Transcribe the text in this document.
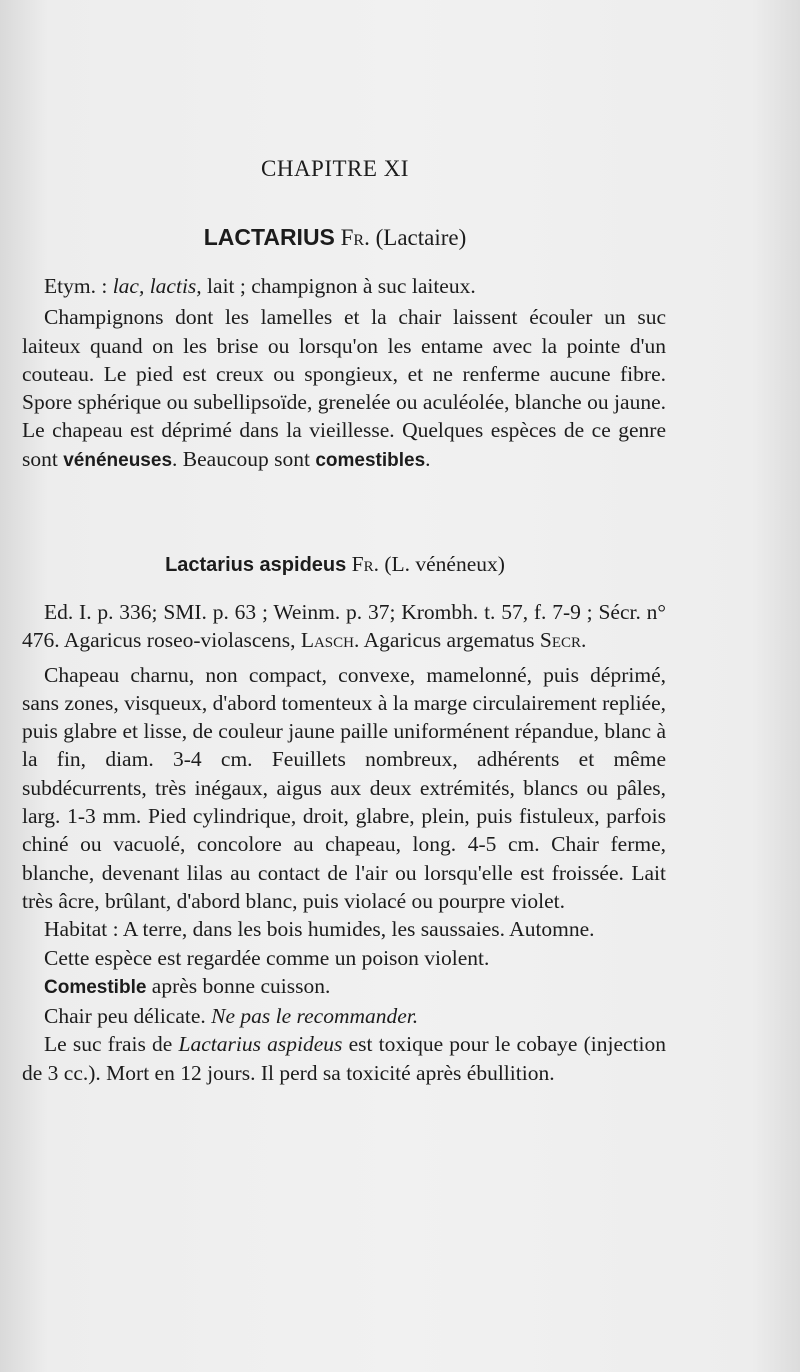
CHAPITRE XI
LACTARIUS Fr. (Lactaire)

Etym. : lac, lactis, lait ; champignon à suc laiteux.

Champignons dont les lamelles et la chair laissent écouler un suc laiteux quand on les brise ou lorsqu'on les entame avec la pointe d'un couteau. Le pied est creux ou spongieux, et ne renferme aucune fibre. Spore sphérique ou subellipsoïde, grenelée ou aculéolée, blanche ou jaune. Le chapeau est déprimé dans la vieillesse. Quelques espèces de ce genre sont vénéneuses. Beaucoup sont comestibles.

Lactarius aspideus Fr. (L. vénéneux)

Ed. I. p. 336; SMI. p. 63 ; Weinm. p. 37; Krombh. t. 57, f. 7-9 ; Sécr. n° 476. Agaricus roseo-violascens, Lasch. Agaricus argematus Secr.

Chapeau charnu, non compact, convexe, mamelonné, puis déprimé, sans zones, visqueux, d'abord tomenteux à la marge circulairement repliée, puis glabre et lisse, de couleur jaune paille uniforménent répandue, blanc à la fin, diam. 3-4 cm. Feuillets nombreux, adhérents et même subdécurrents, très inégaux, aigus aux deux extrémités, blancs ou pâles, larg. 1-3 mm. Pied cylindrique, droit, glabre, plein, puis fistuleux, parfois chiné ou vacuolé, concolore au chapeau, long. 4-5 cm. Chair ferme, blanche, devenant lilas au contact de l'air ou lorsqu'elle est froissée. Lait très âcre, brûlant, d'abord blanc, puis violacé ou pourpre violet.

Habitat : A terre, dans les bois humides, les saussaies. Automne.

Cette espèce est regardée comme un poison violent.

Comestible après bonne cuisson.

Chair peu délicate. Ne pas le recommander.

Le suc frais de Lactarius aspideus est toxique pour le cobaye (injection de 3 cc.). Mort en 12 jours. Il perd sa toxicité après ébullition.
